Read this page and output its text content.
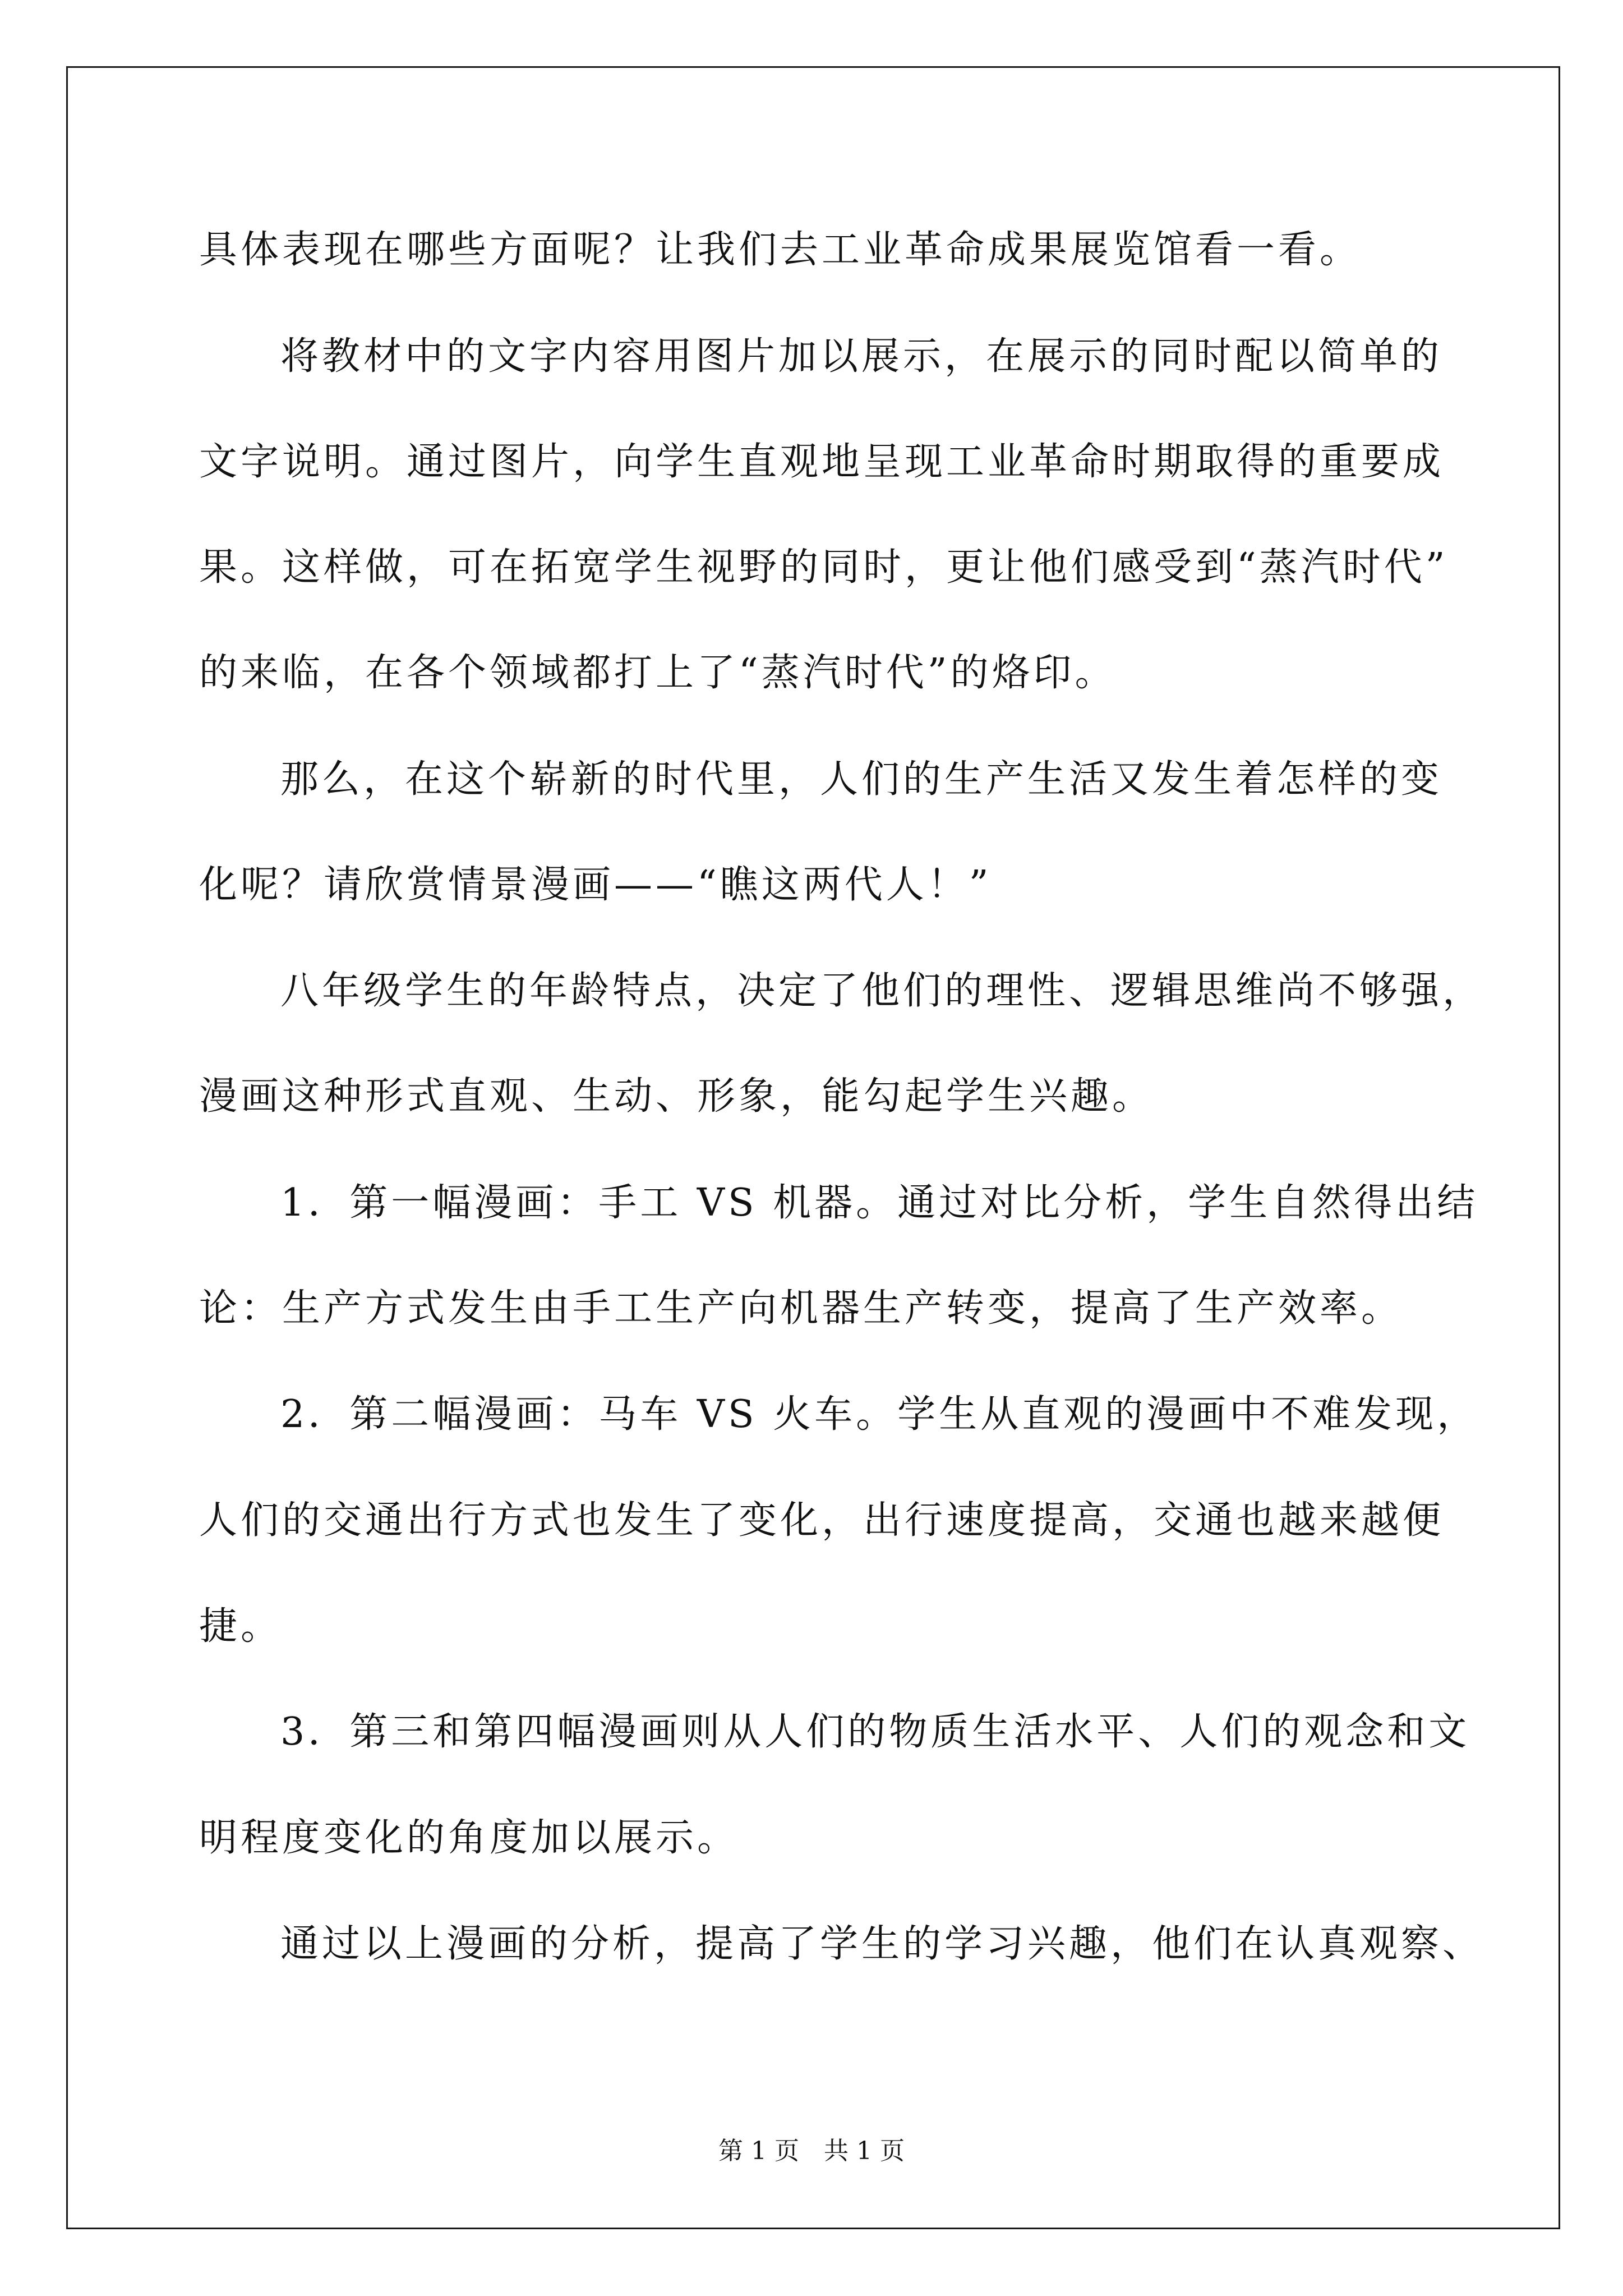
具体表现在哪些方面呢？让我们去工业革命成果展览馆看一看。
将教材中的文字内容用图片加以展示，在展示的同时配以简单的
文字说明。通过图片，向学生直观地呈现工业革命时期取得的重要成
果。这样做，可在拓宽学生视野的同时，更让他们感受到“蒸汽时代”
的来临，在各个领域都打上了“蒸汽时代”的烙印。
那么，在这个崭新的时代里，人们的生产生活又发生着怎样的变
化呢？请欣赏情景漫画——“瞧这两代人！”
八年级学生的年龄特点，决定了他们的理性、逻辑思维尚不够强，
漫画这种形式直观、生动、形象，能勾起学生兴趣。
1．第一幅漫画：手工 VS 机器。通过对比分析，学生自然得出结
论：生产方式发生由手工生产向机器生产转变，提高了生产效率。
2．第二幅漫画：马车 VS 火车。学生从直观的漫画中不难发现，
人们的交通出行方式也发生了变化，出行速度提高，交通也越来越便
捷。
3．第三和第四幅漫画则从人们的物质生活水平、人们的观念和文
明程度变化的角度加以展示。
通过以上漫画的分析，提高了学生的学习兴趣，他们在认真观察、
第 1 页　共 1 页
